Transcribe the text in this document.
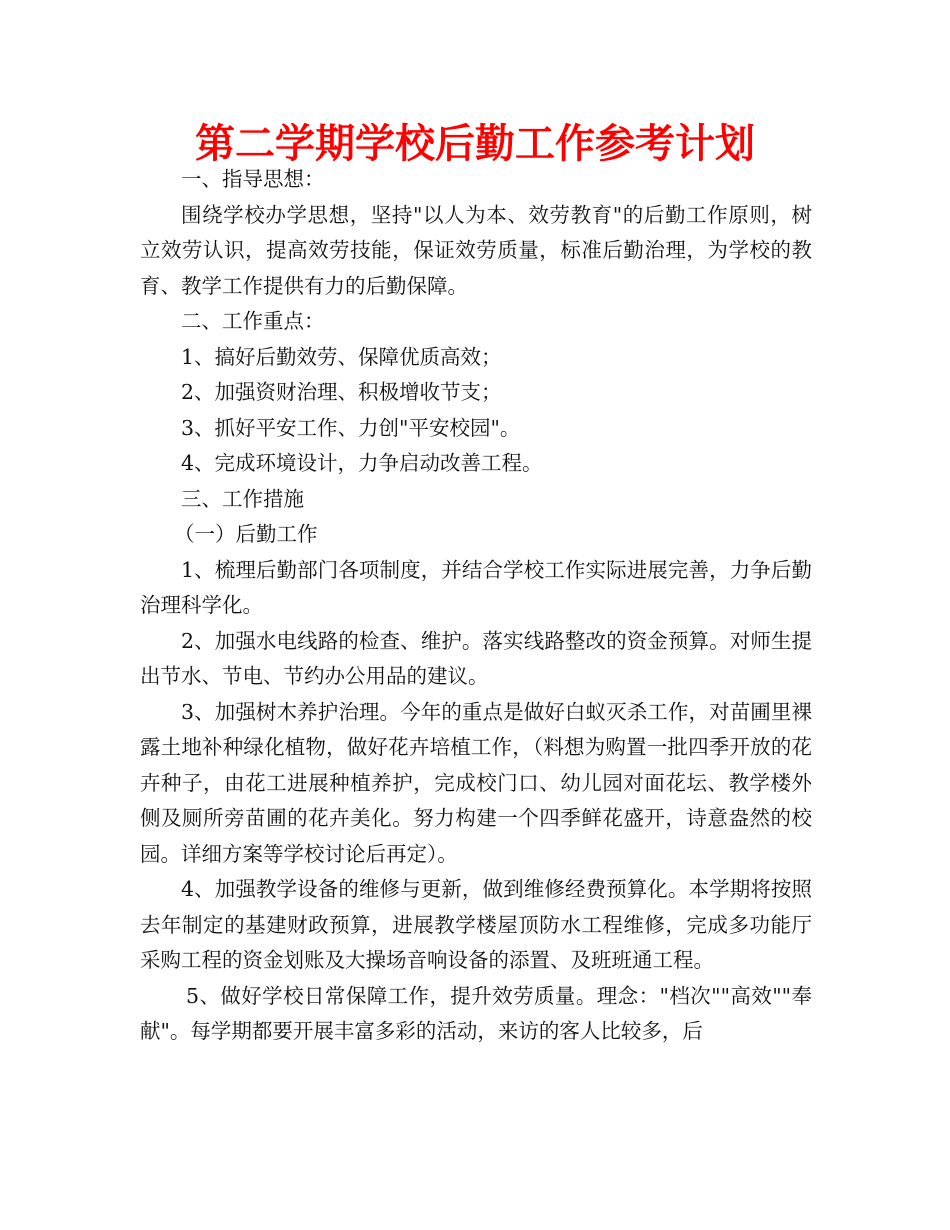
第二学期学校后勤工作参考计划

一、指导思想：

围绕学校办学思想，坚持"以人为本、效劳教育"的后勤工作原则，树立效劳认识，提高效劳技能，保证效劳质量，标准后勤治理，为学校的教育、教学工作提供有力的后勤保障。

二、工作重点：

1、搞好后勤效劳、保障优质高效；

2、加强资财治理、积极增收节支；

3、抓好平安工作、力创"平安校园"。

4、完成环境设计，力争启动改善工程。

三、工作措施

（一）后勤工作

1、梳理后勤部门各项制度，并结合学校工作实际进展完善，力争后勤治理科学化。

2、加强水电线路的检查、维护。落实线路整改的资金预算。对师生提出节水、节电、节约办公用品的建议。

3、加强树木养护治理。今年的重点是做好白蚁灭杀工作，对苗圃里裸露土地补种绿化植物，做好花卉培植工作，（料想为购置一批四季开放的花卉种子，由花工进展种植养护，完成校门口、幼儿园对面花坛、教学楼外侧及厕所旁苗圃的花卉美化。努力构建一个四季鲜花盛开，诗意盎然的校园。详细方案等学校讨论后再定）。

4、加强教学设备的维修与更新，做到维修经费预算化。本学期将按照去年制定的基建财政预算，进展教学楼屋顶防水工程维修，完成多功能厅采购工程的资金划账及大操场音响设备的添置、及班班通工程。

5、做好学校日常保障工作，提升效劳质量。理念："档次""高效""奉献"。每学期都要开展丰富多彩的活动，来访的客人比较多，后
